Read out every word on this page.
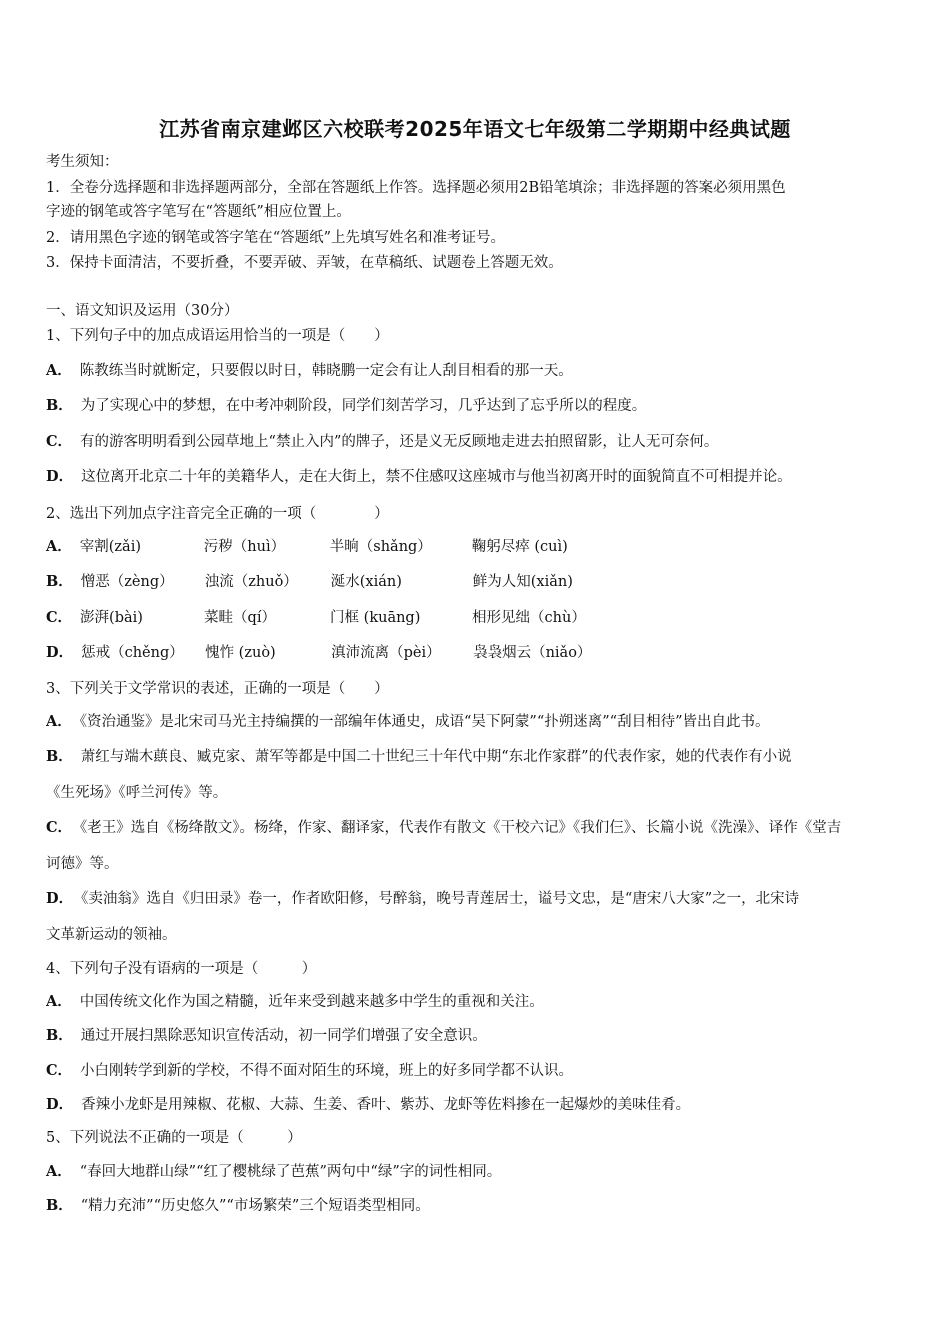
江苏省南京建邺区六校联考2025年语文七年级第二学期期中经典试题
考生须知：
1．全卷分选择题和非选择题两部分，全部在答题纸上作答。选择题必须用2B铅笔填涂；非选择题的答案必须用黑色
字迹的钢笔或答字笔写在“答题纸”相应位置上。
2．请用黑色字迹的钢笔或答字笔在“答题纸”上先填写姓名和准考证号。
3．保持卡面清洁，不要折叠，不要弄破、弄皱，在草稿纸、试题卷上答题无效。
一、语文知识及运用（30分）
1、下列句子中的加点成语运用恰当的一项是（　　）
A． 陈教练当时就断定，只要假以时日，韩晓鹏一定会有让人刮目相看的那一天。
B． 为了实现心中的梦想，在中考冲刺阶段，同学们刻苦学习，几乎达到了忘乎所以的程度。
C． 有的游客明明看到公园草地上“禁止入内”的牌子，还是义无反顾地走进去拍照留影，让人无可奈何。
D． 这位离开北京二十年的美籍华人，走在大街上，禁不住感叹这座城市与他当初离开时的面貌简直不可相提并论。
2、选出下列加点字注音完全正确的一项（　　　　）
A． 宰割(zǎi)	污秽（huì）	半晌（shǎng）	鞠躬尽瘁 (cuì)
B． 憎恶（zèng） 浊流（zhuǒ） 涎水(xián)	鲜为人知(xiǎn)
C． 澎湃(bài)	菜畦（qí）	门框 (kuāng)	相形见绌（chù）
D． 惩戒（chěng） 愧怍 (zuò)	滇沛流离（pèi） 袅袅烟云（niǎo）
3、下列关于文学常识的表述，正确的一项是（　　）
A． 《资治通鉴》是北宋司马光主持编撰的一部编年体通史，成语“吴下阿蒙”“扑朔迷离”“刮目相待”皆出自此书。
B． 萧红与端木蕻良、臧克家、萧军等都是中国二十世纪三十年代中期“东北作家群”的代表作家，她的代表作有小说
《生死场》《呼兰河传》等。
C． 《老王》选自《杨绛散文》。杨绛，作家、翻译家，代表作有散文《干校六记》《我们仨》、长篇小说《洗澡》、译作《堂吉
诃德》等。
D． 《卖油翁》选自《归田录》卷一，作者欧阳修，号醉翁，晚号青莲居士，谥号文忠，是“唐宋八大家”之一，北宋诗
文革新运动的领袖。
4、下列句子没有语病的一项是（　　　）
A． 中国传统文化作为国之精髓，近年来受到越来越多中学生的重视和关注。
B． 通过开展扫黑除恶知识宣传活动，初一同学们增强了安全意识。
C． 小白刚转学到新的学校，不得不面对陌生的环境，班上的好多同学都不认识。
D． 香辣小龙虾是用辣椒、花椒、大蒜、生姜、香叶、紫苏、龙虾等佐料掺在一起爆炒的美味佳肴。
5、下列说法不正确的一项是（　　　）
A． “春回大地群山绿”“红了樱桃绿了芭蕉”两句中“绿”字的词性相同。
B． “精力充沛”“历史悠久”“市场繁荣”三个短语类型相同。
